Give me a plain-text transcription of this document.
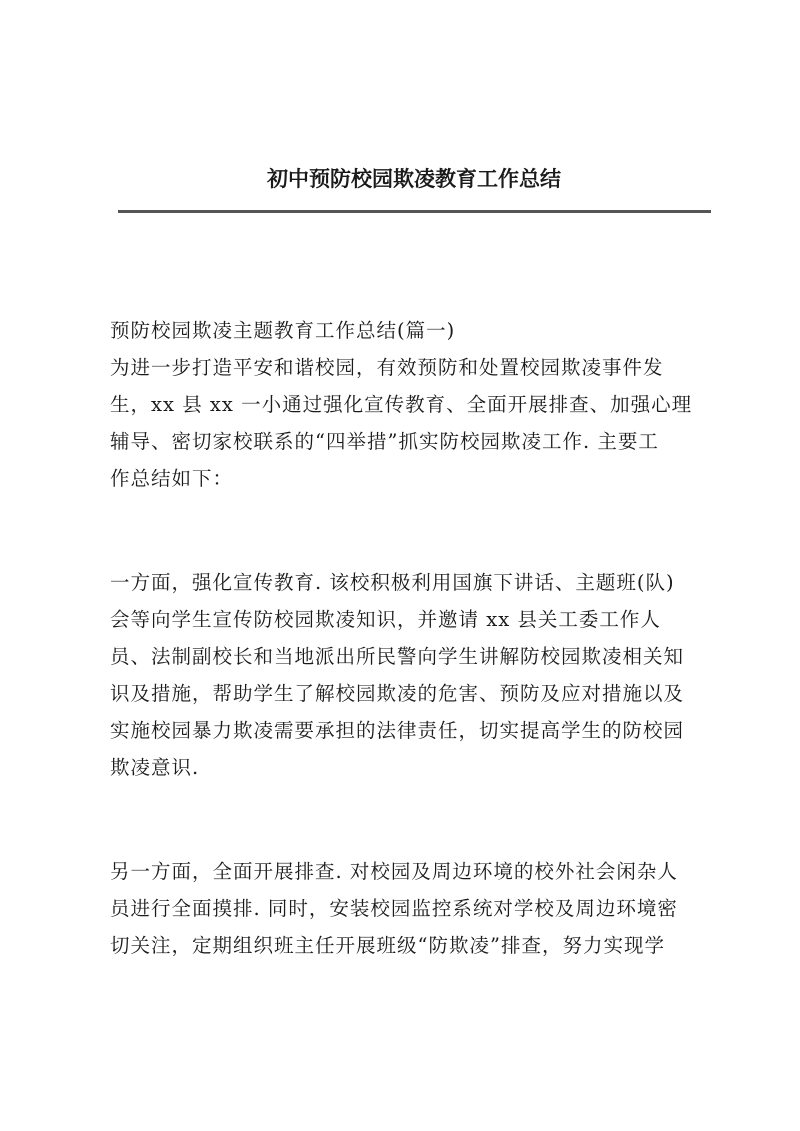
初中预防校园欺凌教育工作总结
预防校园欺凌主题教育工作总结(篇一)
为进一步打造平安和谐校园，有效预防和处置校园欺凌事件发
生，xx 县 xx 一小通过强化宣传教育、全面开展排查、加强心理
辅导、密切家校联系的“四举措”抓实防校园欺凌工作. 主要工
作总结如下：
一方面，强化宣传教育. 该校积极利用国旗下讲话、主题班(队)
会等向学生宣传防校园欺凌知识，并邀请 xx 县关工委工作人
员、法制副校长和当地派出所民警向学生讲解防校园欺凌相关知
识及措施，帮助学生了解校园欺凌的危害、预防及应对措施以及
实施校园暴力欺凌需要承担的法律责任，切实提高学生的防校园
欺凌意识.
另一方面，全面开展排查. 对校园及周边环境的校外社会闲杂人
员进行全面摸排. 同时，安装校园监控系统对学校及周边环境密
切关注，定期组织班主任开展班级“防欺凌”排查，努力实现学
